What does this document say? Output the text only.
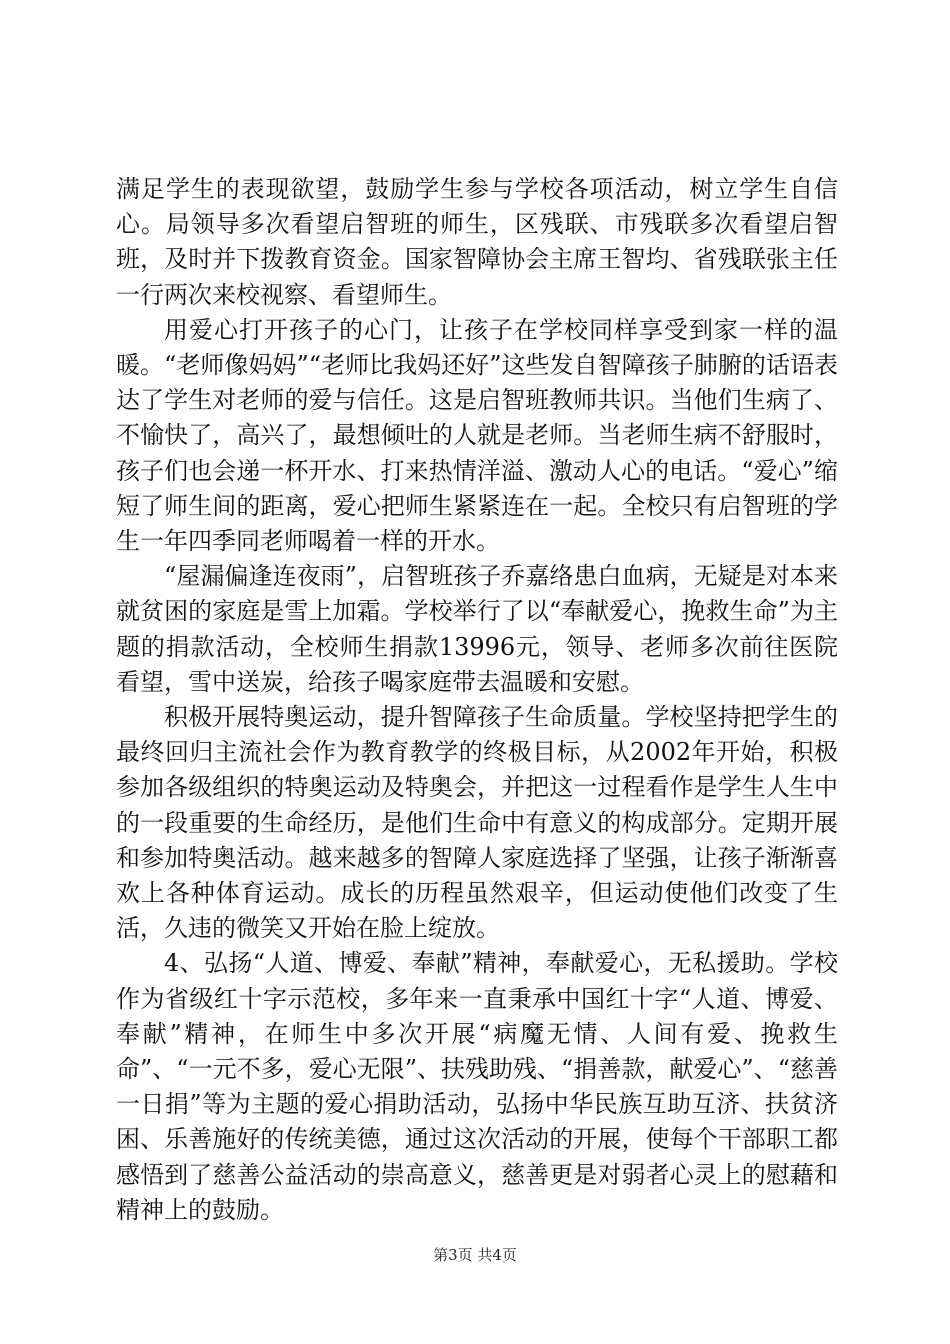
满足学生的表现欲望，鼓励学生参与学校各项活动，树立学生自信心。局领导多次看望启智班的师生，区残联、市残联多次看望启智班，及时并下拨教育资金。国家智障协会主席王智均、省残联张主任一行两次来校视察、看望师生。

用爱心打开孩子的心门，让孩子在学校同样享受到家一样的温暖。“老师像妈妈”“老师比我妈还好”这些发自智障孩子肺腑的话语表达了学生对老师的爱与信任。这是启智班教师共识。当他们生病了、不愉快了，高兴了，最想倾吐的人就是老师。当老师生病不舒服时，孩子们也会递一杯开水、打来热情洋溢、激动人心的电话。“爱心”缩短了师生间的距离，爱心把师生紧紧连在一起。全校只有启智班的学生一年四季同老师喝着一样的开水。

“屋漏偏逢连夜雨”，启智班孩子乔嘉络患白血病，无疑是对本来就贫困的家庭是雪上加霜。学校举行了以“奉献爱心，挽救生命”为主题的捐款活动，全校师生捐款13996元，领导、老师多次前往医院看望，雪中送炭，给孩子喝家庭带去温暖和安慰。

积极开展特奥运动，提升智障孩子生命质量。学校坚持把学生的最终回归主流社会作为教育教学的终极目标，从2002年开始，积极参加各级组织的特奥运动及特奥会，并把这一过程看作是学生人生中的一段重要的生命经历，是他们生命中有意义的构成部分。定期开展和参加特奥活动。越来越多的智障人家庭选择了坚强，让孩子渐渐喜欢上各种体育运动。成长的历程虽然艰辛，但运动使他们改变了生活，久违的微笑又开始在脸上绽放。

4、弘扬“人道、博爱、奉献”精神，奉献爱心，无私援助。学校作为省级红十字示范校，多年来一直秉承中国红十字“人道、博爱、奉献”精神，在师生中多次开展“病魔无情、人间有爱、挽救生命”、“一元不多，爱心无限”、扶残助残、“捐善款，献爱心”、“慈善一日捐”等为主题的爱心捐助活动，弘扬中华民族互助互济、扶贫济困、乐善施好的传统美德，通过这次活动的开展，使每个干部职工都感悟到了慈善公益活动的崇高意义，慈善更是对弱者心灵上的慰藉和精神上的鼓励。

第3页 共4页
